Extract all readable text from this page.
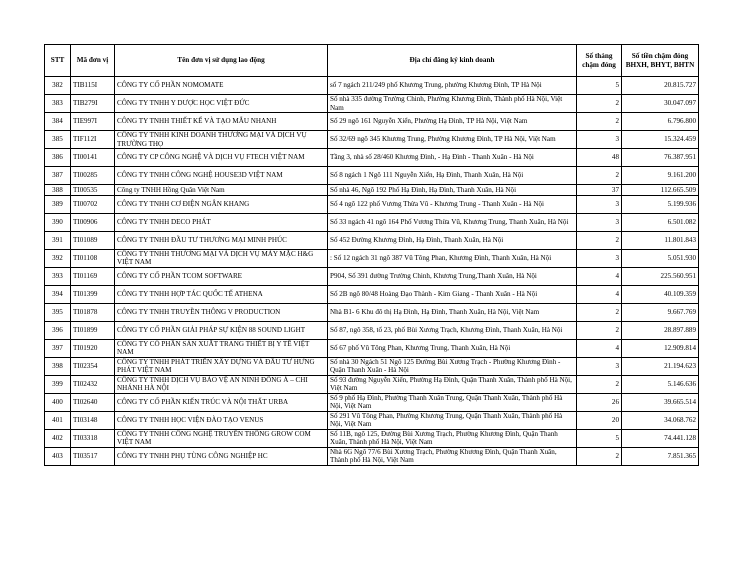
STT	Mã đơn vị	Tên đơn vị sử dụng lao động	Địa chỉ đăng ký kinh doanh	Số tháng chậm đóng	Số tiền chậm đóng BHXH, BHYT, BHTN
382	TIB115I	CÔNG TY CỔ PHẦN NOMOMATE	số 7 ngách 211/249 phố Khương Trung, phường Khương Đình, TP Hà Nội	5	20.815.727
383	TIB279I	CÔNG TY TNHH Y DƯỢC HỌC VIỆT ĐỨC	Số nhà 335 đường Trường Chinh, Phường Khương Đình, Thành phố Hà Nội, Việt Nam	2	30.047.097
384	TIE997I	CÔNG TY TNHH THIẾT KẾ VÀ TẠO MẪU NHANH	Số 29 ngõ 161 Nguyễn Xiển, Phường Hạ Đình, TP Hà Nội, Việt Nam	2	6.796.800
385	TIF112I	CÔNG TY TNHH KINH DOANH THƯƠNG MẠI VÀ DỊCH VỤ TRƯỜNG THỌ	Số 32/69 ngõ 345 Khương Trung, Phường Khương Đình, TP Hà Nội, Việt Nam	3	15.324.459
386	TI00141	CÔNG TY CP CÔNG NGHỆ VÀ DỊCH VỤ FTECH VIỆT NAM	Tầng 3, nhà số 28/460 Khương Đình, - Hạ Đình - Thanh Xuân - Hà Nội	48	76.387.951
387	TI00285	CÔNG TY TNHH CÔNG NGHỆ HOUSE3D VIỆT NAM	Số 8 ngách 1 Ngõ 111 Nguyễn Xiển, Hạ Đình, Thanh Xuân, Hà Nội	2	9.161.200
388	TI00535	Công ty TNHH Hồng Quân Việt Nam	Số nhà 46, Ngõ 192 Phố Hạ Đình, Hạ Đình, Thanh Xuân, Hà Nội	37	112.665.509
389	TI00702	CÔNG TY TNHH CƠ ĐIỆN NGÂN KHANG	Số 4 ngõ 122 phố Vương Thừa Vũ - Khương Trung - Thanh Xuân - Hà Nội	3	5.199.936
390	TI00906	CÔNG TY TNHH DECO PHÁT	Số 33 ngách 41 ngõ 164 Phố Vương Thừa Vũ, Khương Trung, Thanh Xuân, Hà Nội	3	6.501.082
391	TI01089	CÔNG TY TNHH ĐẦU TƯ THƯƠNG MẠI MINH PHÚC	Số 452 Đường Khương Đình, Hạ Đình, Thanh Xuân, Hà Nội	2	11.801.843
392	TI01108	CÔNG TY TNHH THƯƠNG MẠI VÀ DỊCH VỤ MÁY MẶC H&G VIỆT NAM	: Số 12 ngách 31 ngõ 387 Vũ Tông Phan, Khương Đình, Thanh Xuân, Hà Nội	3	5.051.930
393	TI01169	CÔNG TY CỔ PHẦN TCOM SOFTWARE	P904, Số 391 đường Trường Chinh, Khương Trung,Thanh Xuân, Hà Nội	4	225.560.951
394	TI01399	CÔNG TY TNHH HỢP TÁC QUỐC TẾ ATHENA	Số 2B ngõ 80/48 Hoàng Đạo Thành - Kim Giang - Thanh Xuân - Hà Nội	4	40.109.359
395	TI01878	CÔNG TY TNHH TRUYỀN THÔNG V PRODUCTION	Nhà B1- 6 Khu đô thị Hạ Đình, Hạ Đình, Thanh Xuân, Hà Nội, Việt Nam	2	9.667.769
396	TI01899	CÔNG TY CỔ PHẦN GIẢI PHÁP SỰ KIỆN 88 SOUND LIGHT	Số 87, ngõ 358, tổ 23, phố Bùi Xương Trạch, Khương Đình, Thanh Xuân, Hà Nội	2	28.897.889
397	TI01920	CÔNG TY CỔ PHẦN SẢN XUẤT TRANG THIẾT BỊ Y TẾ VIỆT NAM	Số 67 phố Vũ Tông Phan, Khương Trung, Thanh Xuân, Hà Nội	4	12.909.814
398	TI02354	CÔNG TY TNHH PHÁT TRIỂN XÂY DỰNG VÀ ĐẦU TƯ HƯNG PHÁT VIỆT NAM	Số nhà 30 Ngách 51 Ngõ 125 Đường Bùi Xương Trạch - Phường Khương Đình - Quận Thanh Xuân - Hà Nội	3	21.194.623
399	TI02432	CÔNG TY TNHH DỊCH VỤ BẢO VỆ AN NINH ĐỒNG Á – CHI NHÁNH HÀ NỘI	Số 93 đường Nguyễn Xiển, Phường Hạ Đình, Quận Thanh Xuân, Thành phố Hà Nội, Việt Nam	2	5.146.636
400	TI02640	CÔNG TY CỔ PHẦN KIẾN TRÚC VÀ NỘI THẤT URBA	Số 9 phố Hạ Đình, Phường Thanh Xuân Trung, Quận Thanh Xuân, Thành phố Hà Nội, Việt Nam	26	39.665.514
401	TI03148	CÔNG TY TNHH HỌC VIỆN ĐÀO TẠO VENUS	Số 291 Vũ Tông Phan, Phường Khương Trung, Quận Thanh Xuân, Thành phố Hà Nội, Việt Nam	20	34.068.762
402	TI03318	CÔNG TY TNHH CÔNG NGHỆ TRUYỀN THÔNG GROW COM VIỆT NAM	Số 11B, ngõ 125, Đường Bùi Xương Trạch, Phường Khương Đình, Quận Thanh Xuân, Thành phố Hà Nội, Việt Nam	5	74.441.128
403	TI03517	CÔNG TY TNHH PHỤ TÙNG CÔNG NGHIỆP HC	Nhà 6G Ngõ 77/6 Bùi Xương Trạch, Phường Khương Đình, Quận Thanh Xuân, Thành phố Hà Nội, Việt Nam	2	7.851.365
